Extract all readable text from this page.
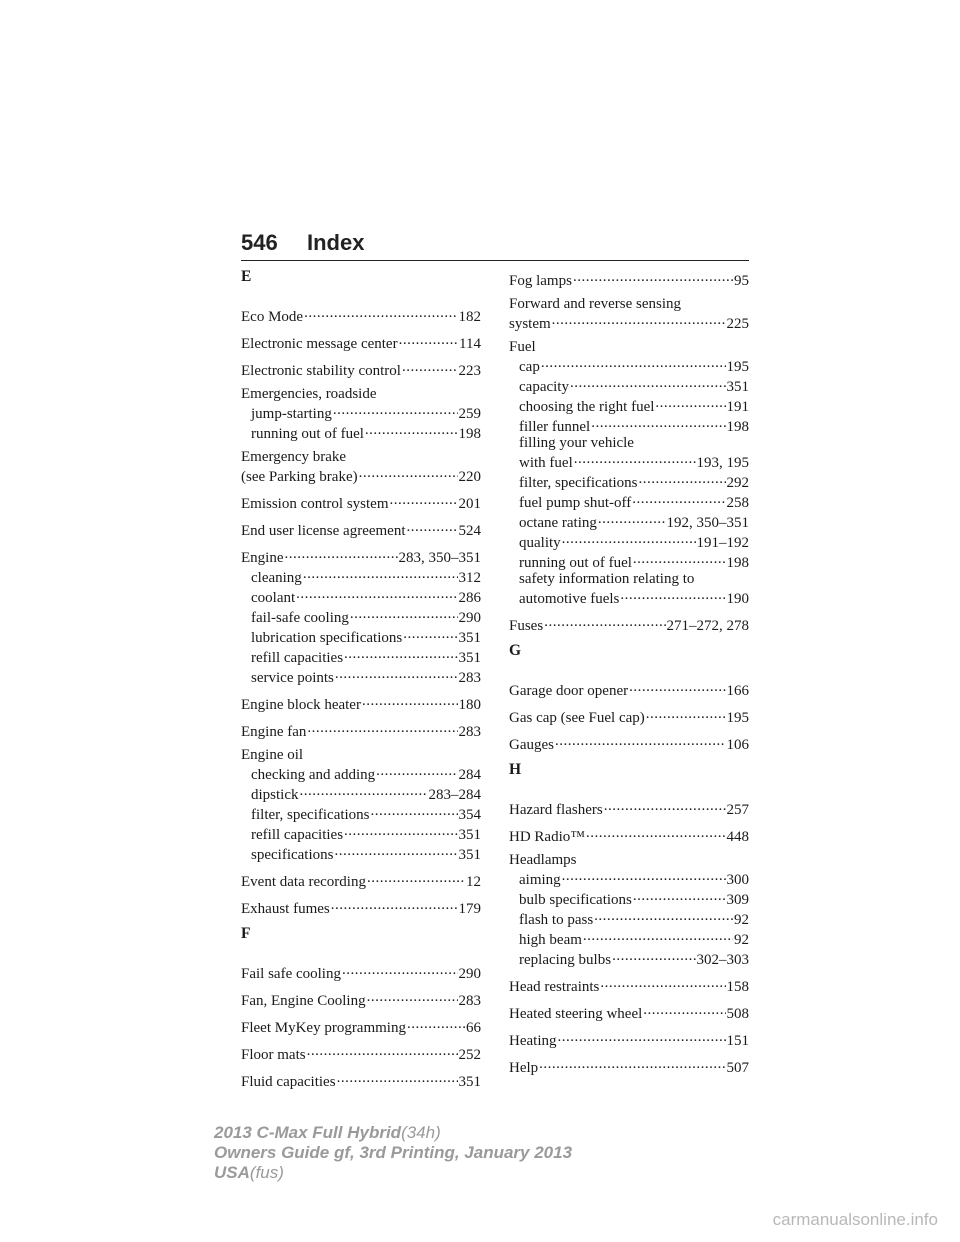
546 Index
E
Eco Mode .....	182
Electronic message center .....	114
Electronic stability control .....	223
Emergencies, roadside
jump-starting .....	259
running out of fuel .....	198
Emergency brake
(see Parking brake) .....	220
Emission control system .....	201
End user license agreement .....	524
Engine .....	283, 350–351
cleaning .....	312
coolant .....	286
fail-safe cooling .....	290
lubrication specifications .....	351
refill capacities .....	351
service points .....	283
Engine block heater .....	180
Engine fan .....	283
Engine oil
checking and adding .....	284
dipstick .....	283–284
filter, specifications .....	354
refill capacities .....	351
specifications .....	351
Event data recording .....	12
Exhaust fumes .....	179
F
Fail safe cooling .....	290
Fan, Engine Cooling .....	283
Fleet MyKey programming .....	66
Floor mats .....	252
Fluid capacities .....	351
Fog lamps .....	95
Forward and reverse sensing
system .....	225
Fuel
cap .....	195
capacity .....	351
choosing the right fuel .....	191
filler funnel .....	198
filling your vehicle
with fuel .....	193, 195
filter, specifications .....	292
fuel pump shut-off .....	258
octane rating .....	192, 350–351
quality .....	191–192
running out of fuel .....	198
safety information relating to
automotive fuels .....	190
Fuses .....	271–272, 278
G
Garage door opener .....	166
Gas cap (see Fuel cap) .....	195
Gauges .....	106
H
Hazard flashers .....	257
HD Radio™ .....	448
Headlamps
aiming .....	300
bulb specifications .....	309
flash to pass .....	92
high beam .....	92
replacing bulbs .....	302–303
Head restraints .....	158
Heated steering wheel .....	508
Heating .....	151
Help .....	507
2013 C-Max Full Hybrid(34h)
Owners Guide gf, 3rd Printing, January 2013
USA(fus)
carmanualsonline.info
